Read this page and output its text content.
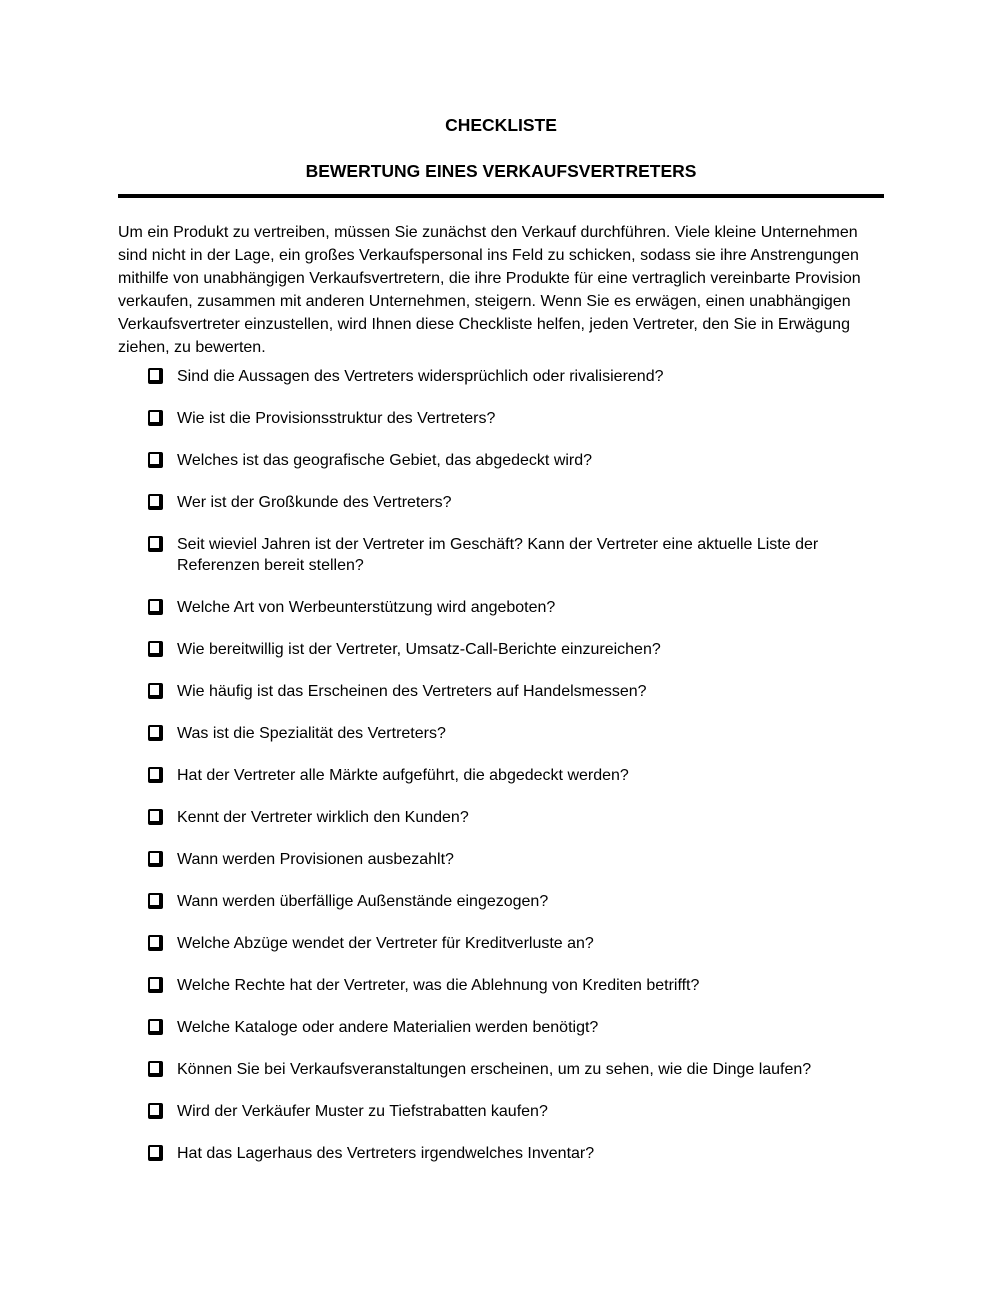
CHECKLISTE
BEWERTUNG EINES VERKAUFSVERTRETERS

Um ein Produkt zu vertreiben, müssen Sie zunächst den Verkauf durchführen. Viele kleine Unternehmen sind nicht in der Lage, ein großes Verkaufspersonal ins Feld zu schicken, sodass sie ihre Anstrengungen mithilfe von unabhängigen Verkaufsvertretern, die ihre Produkte für eine vertraglich vereinbarte Provision verkaufen, zusammen mit anderen Unternehmen, steigern. Wenn Sie es erwägen, einen unabhängigen Verkaufsvertreter einzustellen, wird Ihnen diese Checkliste helfen, jeden Vertreter, den Sie in Erwägung ziehen, zu bewerten.

Sind die Aussagen des Vertreters widersprüchlich oder rivalisierend?
Wie ist die Provisionsstruktur des Vertreters?
Welches ist das geografische Gebiet, das abgedeckt wird?
Wer ist der Großkunde des Vertreters?
Seit wieviel Jahren ist der Vertreter im Geschäft? Kann der Vertreter eine aktuelle Liste der Referenzen bereit stellen?
Welche Art von Werbeunterstützung wird angeboten?
Wie bereitwillig ist der Vertreter, Umsatz-Call-Berichte einzureichen?
Wie häufig ist das Erscheinen des Vertreters auf Handelsmessen?
Was ist die Spezialität des Vertreters?
Hat der Vertreter alle Märkte aufgeführt, die abgedeckt werden?
Kennt der Vertreter wirklich den Kunden?
Wann werden Provisionen ausbezahlt?
Wann werden überfällige Außenstände eingezogen?
Welche Abzüge wendet der Vertreter für Kreditverluste an?
Welche Rechte hat der Vertreter, was die Ablehnung von Krediten betrifft?
Welche Kataloge oder andere Materialien werden benötigt?
Können Sie bei Verkaufsveranstaltungen erscheinen, um zu sehen, wie die Dinge laufen?
Wird der Verkäufer Muster zu Tiefstrabatten kaufen?
Hat das Lagerhaus des Vertreters irgendwelches Inventar?
